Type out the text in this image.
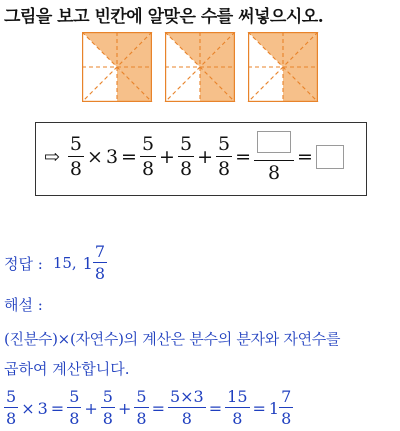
그림을 보고 빈칸에 알맞은 수를 써넣으시오.
⇨ $\frac{5}{8} \times 3 = \frac{5}{8} + \frac{5}{8} + \frac{5}{8}$ =
8
=
정답 : 15, $1 \frac{7}{8}$
해설 :
(진분수)×(자연수)의 계산은 분수의 분자와 자연수를
곱하여 계산합니다.
$\frac{5}{8} \times 3 = \frac{5}{8} + \frac{5}{8} + \frac{5}{8} = \frac{5\times 3}{8} = \frac{15}{8} = 1 \frac{7}{8}$
